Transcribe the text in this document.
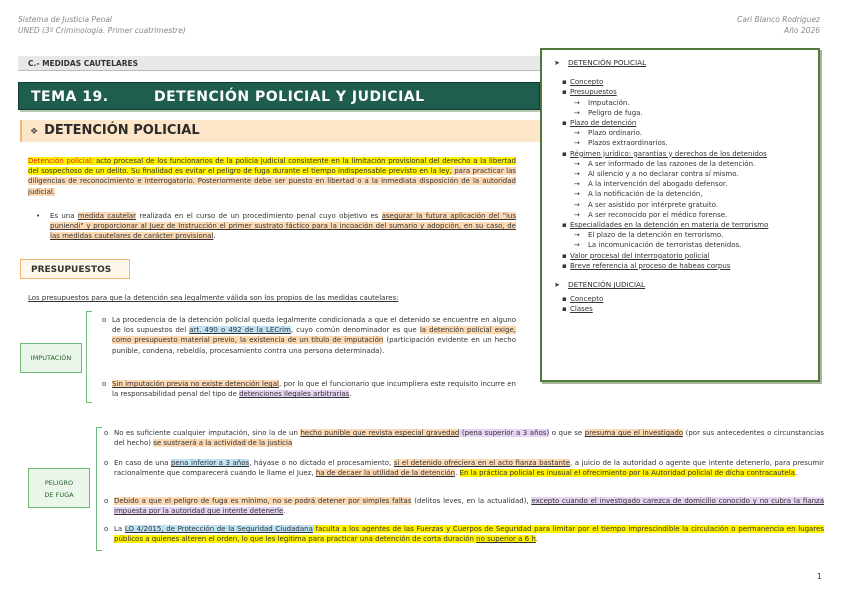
Sistema de Justicia Penal
UNED (3º Criminología. Primer cuatrimestre)
Cari Blanco Rodríguez
Año 2026
C.- MEDIDAS CAUTELARES
TEMA 19.	DETENCIÓN POLICIAL Y JUDICIAL
❖ DETENCIÓN POLICIAL
Detención policial: acto procesal de los funcionarios de la policía judicial consistente en la limitación provisional del derecho a la libertad del sospechoso de un delito. Su finalidad es evitar el peligro de fuga durante el tiempo indispensable previsto en la ley, para practicar las diligencias de reconocimiento e interrogatorio. Posteriormente debe ser puesto en libertad o a la inmediata disposición de la autoridad judicial.
• Es una medida cautelar realizada en el curso de un procedimiento penal cuyo objetivo es asegurar la futura aplicación del "ius puniendi" y proporcionar al Juez de Instrucción el primer sustrato fáctico para la incoación del sumario y adopción, en su caso, de las medidas cautelares de carácter provisional.
PRESUPUESTOS
Los presupuestos para que la detención sea legalmente válida son los propios de las medidas cautelares:
IMPUTACIÓN
o La procedencia de la detención policial queda legalmente condicionada a que el detenido se encuentre en alguno de los supuestos del art. 490 o 492 de la LECrim, cuyo común denominador es que la detención policial exige, como presupuesto material previo, la existencia de un título de imputación (participación evidente en un hecho punible, condena, rebeldía, procesamiento contra una persona determinada).
o Sin imputación previa no existe detención legal, por lo que el funcionario que incumpliera este requisito incurre en la responsabilidad penal del tipo de detenciones ilegales arbitrarias.
PELIGRO
DE FUGA
o No es suficiente cualquier imputación, sino la de un hecho punible que revista especial gravedad (pena superior a 3 años) o que se presuma que el investigado (por sus antecedentes o circunstancias del hecho) se sustraerá a la actividad de la justicia
o En caso de una pena inferior a 3 años, háyase o no dictado el procesamiento, si el detenido ofreciera en el acto fianza bastante, a juicio de la autoridad o agente que intente detenerlo, para presumir racionalmente que comparecerá cuando le llame el Juez, ha de decaer la utilidad de la detención. En la práctica policial es inusual el ofrecimiento por la Autoridad policial de dicha contracautela.
o Debido a que el peligro de fuga es mínimo, no se podrá detener por simples faltas (delitos leves, en la actualidad), excepto cuando el investigado carezca de domicilio conocido y no cubra la fianza impuesta por la autoridad que intente detenerle.
o La LO 4/2015, de Protección de la Seguridad Ciudadana faculta a los agentes de las Fuerzas y Cuerpos de Seguridad para limitar por el tiempo imprescindible la circulación o permanencia en lugares públicos a quienes alteren el orden, lo que les legitima para practicar una detención de corta duración no superior a 6 h.
➤ DETENCIÓN POLICIAL
▪ Concepto
▪ Presupuestos
→ Imputación.
→ Peligro de fuga.
▪ Plazo de detención
→ Plazo ordinario.
→ Plazos extraordinarios.
▪ Régimen jurídico: garantías y derechos de los detenidos
→ A ser informado de las razones de la detención.
→ Al silencio y a no declarar contra sí mismo.
→ A la intervención del abogado defensor.
→ A la notificación de la detención,
→ A ser asistido por intérprete gratuito.
→ A ser reconocido por el médico forense.
▪ Especialidades en la detención en materia de terrorismo
→ El plazo de la detención en terrorismo.
→ La incomunicación de terroristas detenidos.
▪ Valor procesal del interrogatorio policial
▪ Breve referencia al proceso de habeas corpus
➤ DETENCIÓN JUDICIAL
▪ Concepto
▪ Clases
1
